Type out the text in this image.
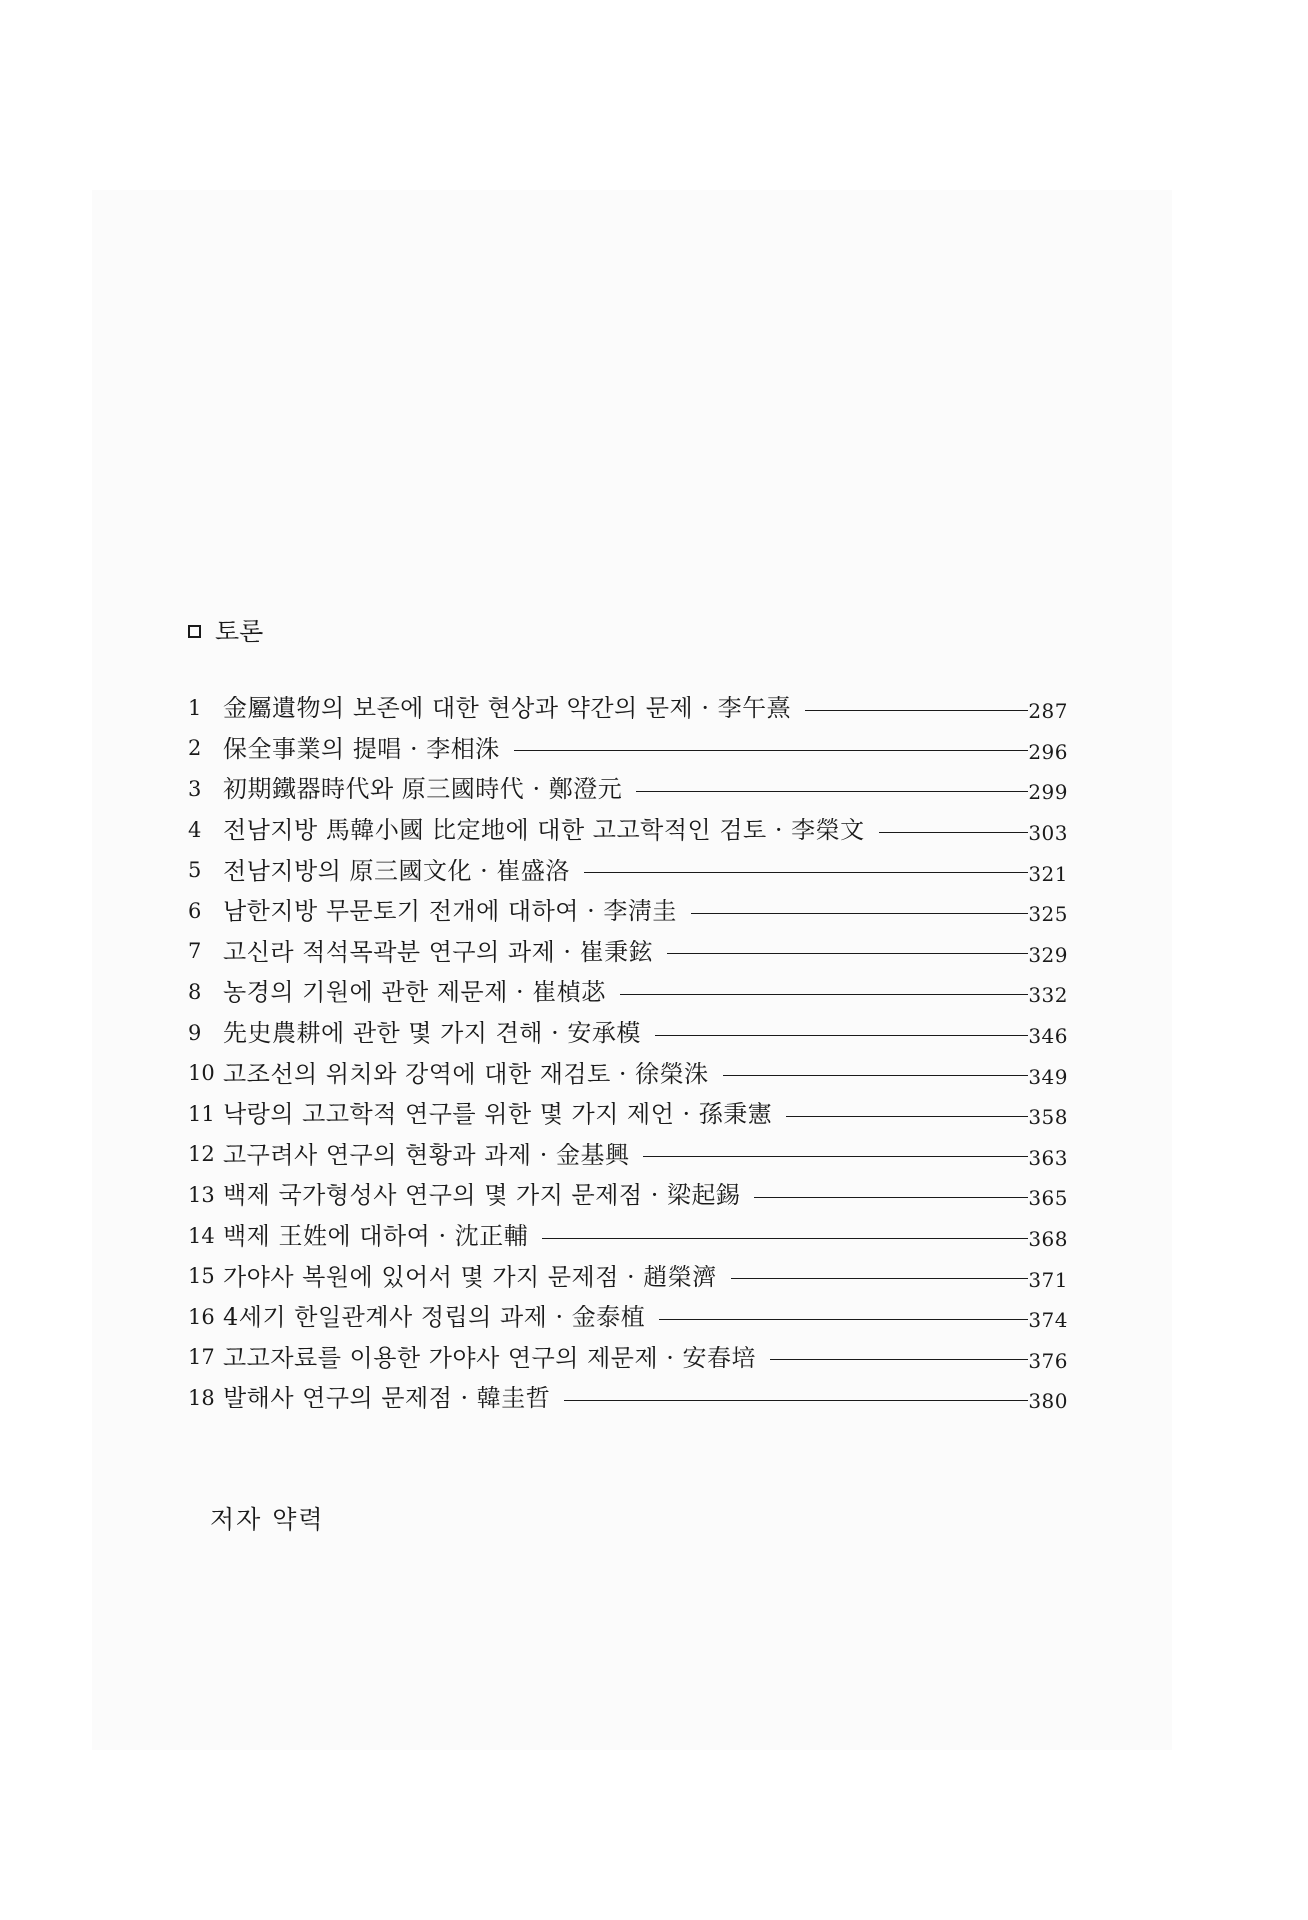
토론
1 金屬遺物의 보존에 대한 현상과 약간의 문제 · 李午熹	287
2 保全事業의 提唱 · 李相洙	296
3 初期鐵器時代와 原三國時代 · 鄭澄元	299
4 전남지방 馬韓小國 比定地에 대한 고고학적인 검토 · 李榮文	303
5 전남지방의 原三國文化 · 崔盛洛	321
6 남한지방 무문토기 전개에 대하여 · 李淸圭	325
7 고신라 적석목곽분 연구의 과제 · 崔秉鉉	329
8 농경의 기원에 관한 제문제 · 崔楨苾	332
9 先史農耕에 관한 몇 가지 견해 · 安承模	346
10 고조선의 위치와 강역에 대한 재검토 · 徐榮洙	349
11 낙랑의 고고학적 연구를 위한 몇 가지 제언 · 孫秉憲	358
12 고구려사 연구의 현황과 과제 · 金基興	363
13 백제 국가형성사 연구의 몇 가지 문제점 · 梁起錫	365
14 백제 王姓에 대하여 · 沈正輔	368
15 가야사 복원에 있어서 몇 가지 문제점 · 趙榮濟	371
16 4세기 한일관계사 정립의 과제 · 金泰植	374
17 고고자료를 이용한 가야사 연구의 제문제 · 安春培	376
18 발해사 연구의 문제점 · 韓圭哲	380
저자 약력
